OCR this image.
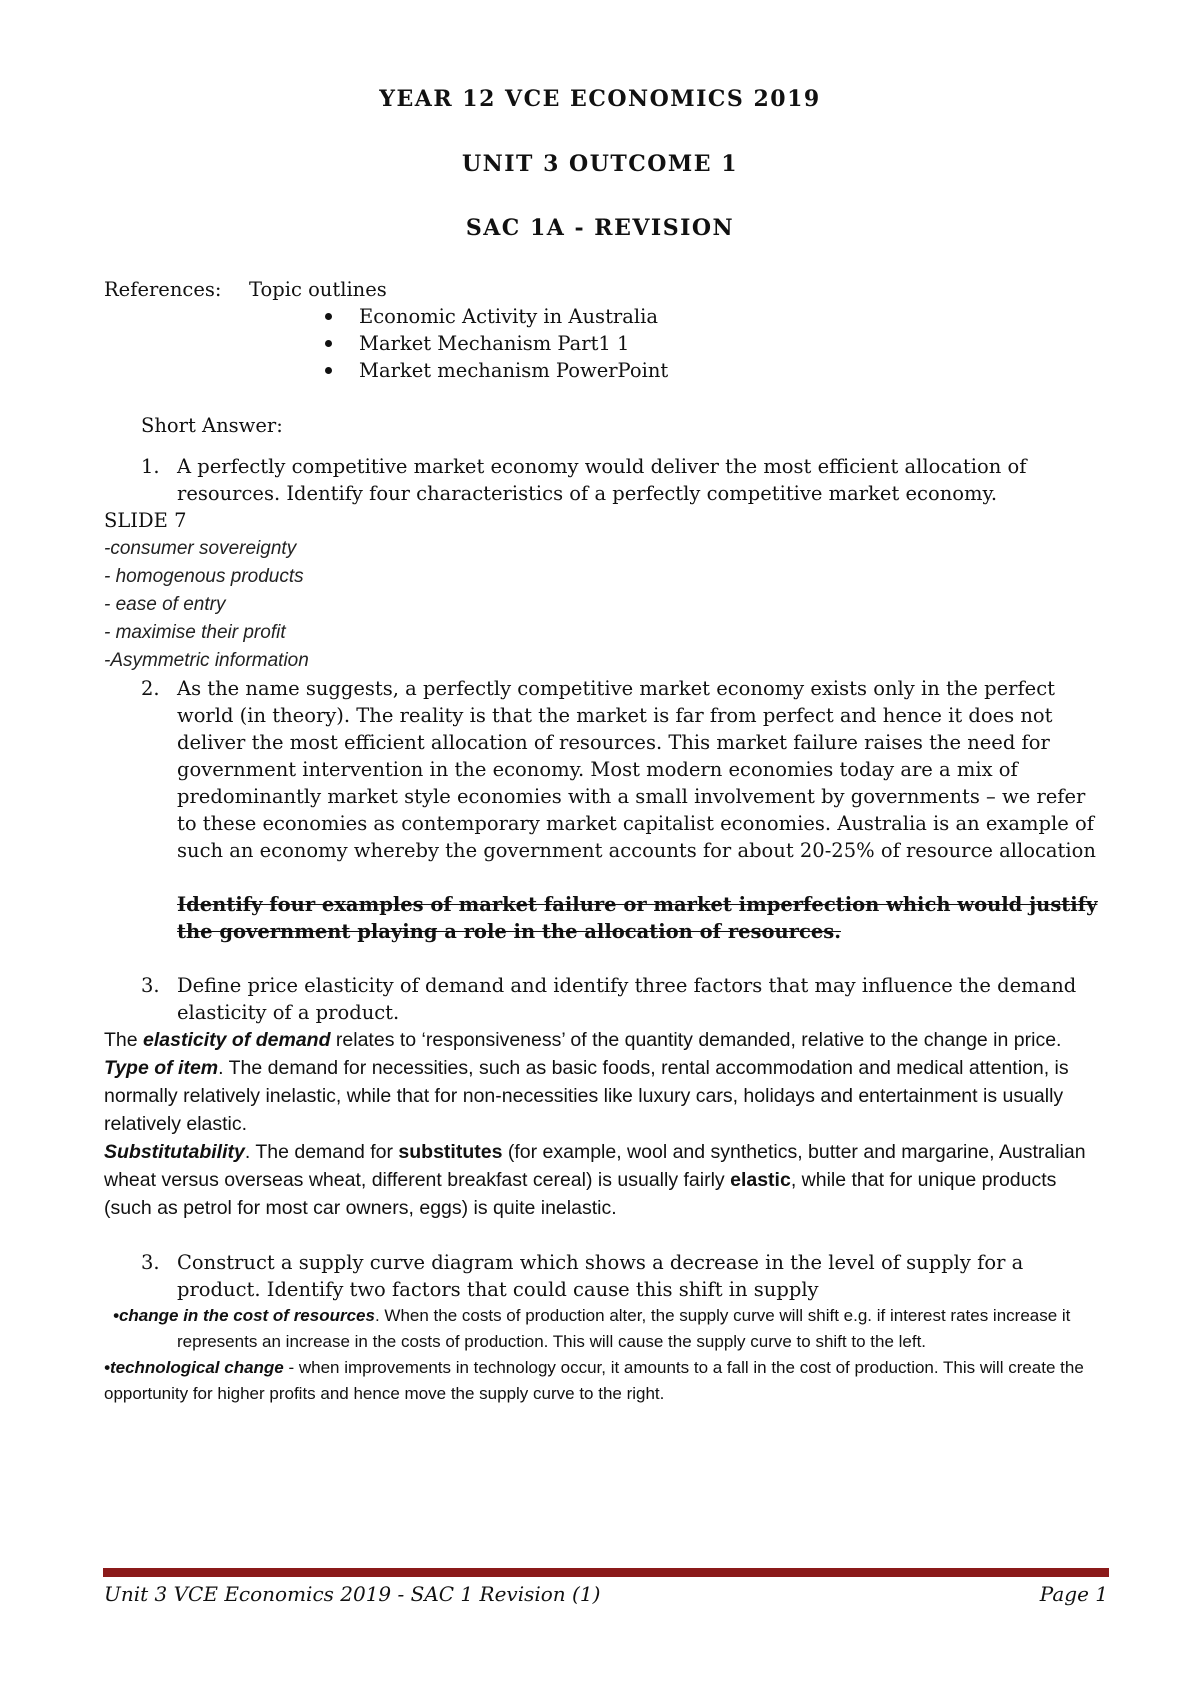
YEAR 12 VCE ECONOMICS 2019
UNIT 3 OUTCOME 1
SAC 1A - REVISION
References:	Topic outlines
Economic Activity in Australia
Market Mechanism Part1 1
Market mechanism PowerPoint
Short Answer:
1. A perfectly competitive market economy would deliver the most efficient allocation of resources. Identify four characteristics of a perfectly competitive market economy.
SLIDE 7
-consumer sovereignty
- homogenous products
- ease of entry
- maximise their profit
-Asymmetric information
2. As the name suggests, a perfectly competitive market economy exists only in the perfect world (in theory). The reality is that the market is far from perfect and hence it does not deliver the most efficient allocation of resources. This market failure raises the need for government intervention in the economy. Most modern economies today are a mix of predominantly market style economies with a small involvement by governments – we refer to these economies as contemporary market capitalist economies. Australia is an example of such an economy whereby the government accounts for about 20-25% of resource allocation
Identify four examples of market failure or market imperfection which would justify the government playing a role in the allocation of resources.
3. Define price elasticity of demand and identify three factors that may influence the demand elasticity of a product.
The elasticity of demand relates to ‘responsiveness’ of the quantity demanded, relative to the change in price.
Type of item. The demand for necessities, such as basic foods, rental accommodation and medical attention, is normally relatively inelastic, while that for non-necessities like luxury cars, holidays and entertainment is usually relatively elastic.
Substitutability. The demand for substitutes (for example, wool and synthetics, butter and margarine, Australian wheat versus overseas wheat, different breakfast cereal) is usually fairly elastic, while that for unique products (such as petrol for most car owners, eggs) is quite inelastic.
3. Construct a supply curve diagram which shows a decrease in the level of supply for a product. Identify two factors that could cause this shift in supply
•change in the cost of resources. When the costs of production alter, the supply curve will shift e.g. if interest rates increase it represents an increase in the costs of production. This will cause the supply curve to shift to the left.
•technological change - when improvements in technology occur, it amounts to a fall in the cost of production. This will create the opportunity for higher profits and hence move the supply curve to the right.
Unit 3 VCE Economics 2019 - SAC 1 Revision (1)	Page 1
